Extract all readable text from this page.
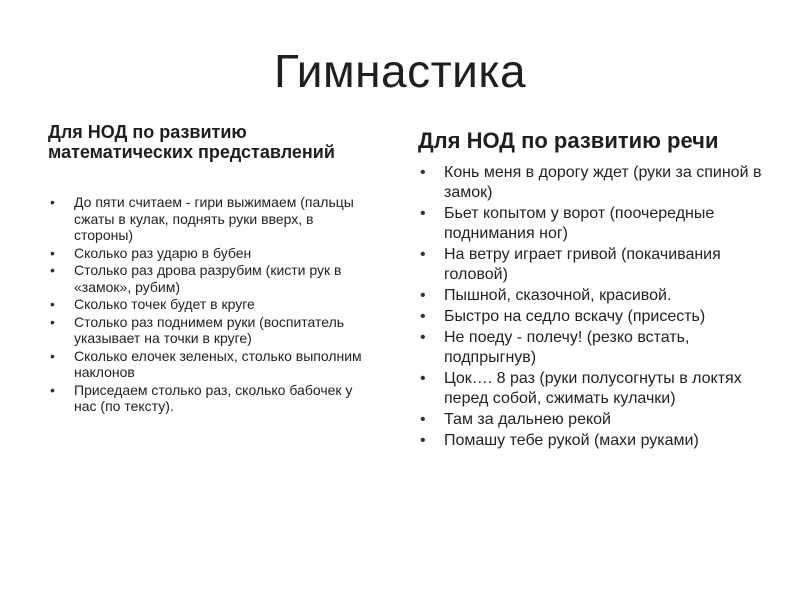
Гимнастика
Для НОД по развитию математических представлений
• До пяти считаем - гири выжимаем (пальцы сжаты в кулак, поднять руки вверх, в стороны)
• Сколько раз ударю в бубен
• Столько раз дрова разрубим (кисти рук в «замок», рубим)
• Сколько точек будет в круге
• Столько раз поднимем руки (воспитатель указывает на точки в круге)
• Сколько елочек зеленых, столько выполним наклонов
• Приседаем столько раз, сколько бабочек у нас (по тексту).
Для НОД по развитию речи
• Конь меня в дорогу ждет (руки за спиной в замок)
• Бьет копытом у ворот (поочередные поднимания ног)
• На ветру играет гривой (покачивания головой)
• Пышной, сказочной, красивой.
• Быстро на седло вскачу (присесть)
• Не поеду - полечу! (резко встать, подпрыгнув)
• Цок…. 8 раз (руки полусогнуты в локтях перед собой, сжимать кулачки)
• Там за дальнею рекой
• Помашу тебе рукой (махи руками)
